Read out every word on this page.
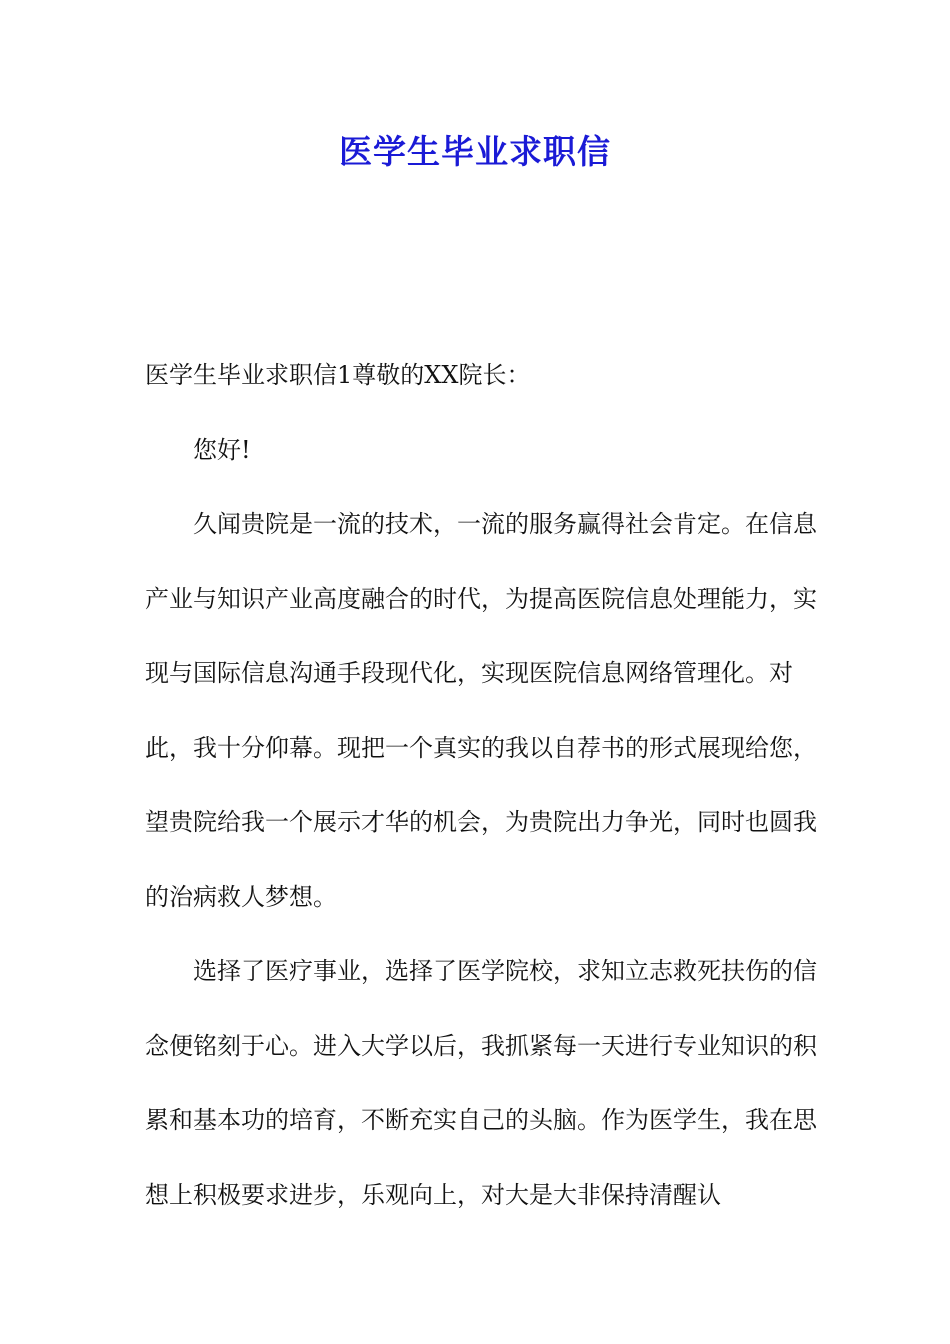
医学生毕业求职信

医学生毕业求职信1尊敬的XX院长：

您好!

久闻贵院是一流的技术，一流的服务赢得社会肯定。在信息产业与知识产业高度融合的时代，为提高医院信息处理能力，实现与国际信息沟通手段现代化，实现医院信息网络管理化。对此，我十分仰幕。现把一个真实的我以自荐书的形式展现给您，望贵院给我一个展示才华的机会，为贵院出力争光，同时也圆我的治病救人梦想。

选择了医疗事业，选择了医学院校，求知立志救死扶伤的信念便铭刻于心。进入大学以后，我抓紧每一天进行专业知识的积累和基本功的培育，不断充实自己的头脑。作为医学生，我在思想上积极要求进步，乐观向上，对大是大非保持清醒认
